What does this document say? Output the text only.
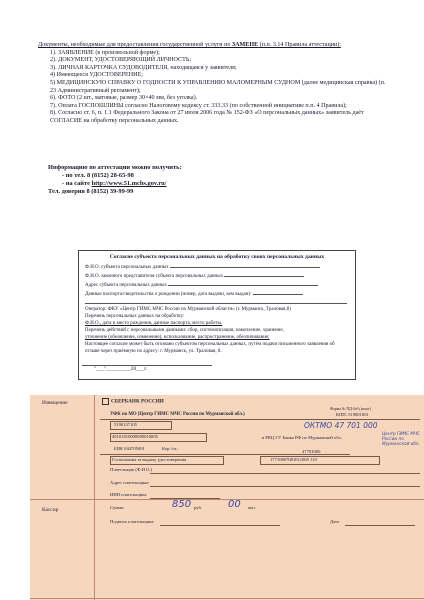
Документы, необходимые для предоставления государственной услуги по ЗАМЕНЕ (п.п. 3.14 Правила аттестации):
1). ЗАЯВЛЕНИЕ (в произвольной форме);
2). ДОКУМЕНТ, УДОСТОВЕРЯЮЩИЙ ЛИЧНОСТЬ;
3). ЛИЧНАЯ КАРТОЧКА СУДОВОДИТЕЛЯ, находящаяся у заявителя;
4) Имеющееся УДОСТОВЕРЕНИЕ;
5) МЕДИЦИНСКУЮ СПРАВКУ О ГОДНОСТИ К УПРАВЛЕНИЮ МАЛОМЕРНЫМ СУДНОМ (далее медицинская справка) (п. 23 Административный регламент);
6). ФОТО (2 шт., матовые, размер 30×40 мм, без уголка).
7). Оплата ГОСПОШЛИНЫ согласно Налоговому кодексу ст. 333.33 (по собственной инициативе п.п. 4 Правила);
8). Согласно ст. 6, п. 1.1 Федерального Закона от 27 июля 2006 года № 152-ФЗ «О персональных данных» заявитель даёт СОГЛАСИЕ на обработку персональных данных.
Информацию по аттестации можно получить:
- по тел. 8 (8152) 28-65-98
- на сайте http://www.51.mchs.gov.ru/
Тел. доверия 8 (8152) 39-99-99
Согласие субъекта персональных данных на обработку своих персональных данных
Ф.И.О. субъекта персональных данных
Ф.И.О. законного представителя субъекта персональных данных
Адрес субъекта персональных данных
Данные паспорта/свидетельства о рождении (номер, дата выдачи, кем выдан):
Оператор: ФКУ «Центр ГИМС МЧС России по Мурманской области» (г. Мурманск, Траловая,8)
Перечень персональных данных на обработку:
Ф.И.О., дата и место рождения, данные паспорта, место работы.
Перечень действий с персональными данными: сбор, систематизация, накопление, хранение,
уточнение (обновление, изменение), использование, распространение, обезличивание;
Настоящее согласие может быть отозвано субъектом персональных данных, путём подачи письменного заявления об отзыве через приёмную по адресу: г. Мурманск, ул. Траловая, 8.
"___"_________20___г.
Извещение
Кассир
СБЕРБАНК РОССИИ
Форма № ПД-4сб (налог)
УФК по МО (Центр ГИМС МЧС России по Мурманской обл.)	КПП: 519001001
5190137105	ОКТМО 47 701 000
40101810000000010005	в РКЦ ГУ Банка РФ по Мурманской обл.
Центр ГИМС МЧС России по Мурманской обл.
БИК 044705001	Кор./сч.:
47701000
Госпошлина за выдачу удостоверения	17710807081011000 110
Плательщик (Ф.И.О.)
Адрес плательщика
ИНН плательщика
Сумма:	850 руб.	00 коп.
Подпись плательщика:	Дата
